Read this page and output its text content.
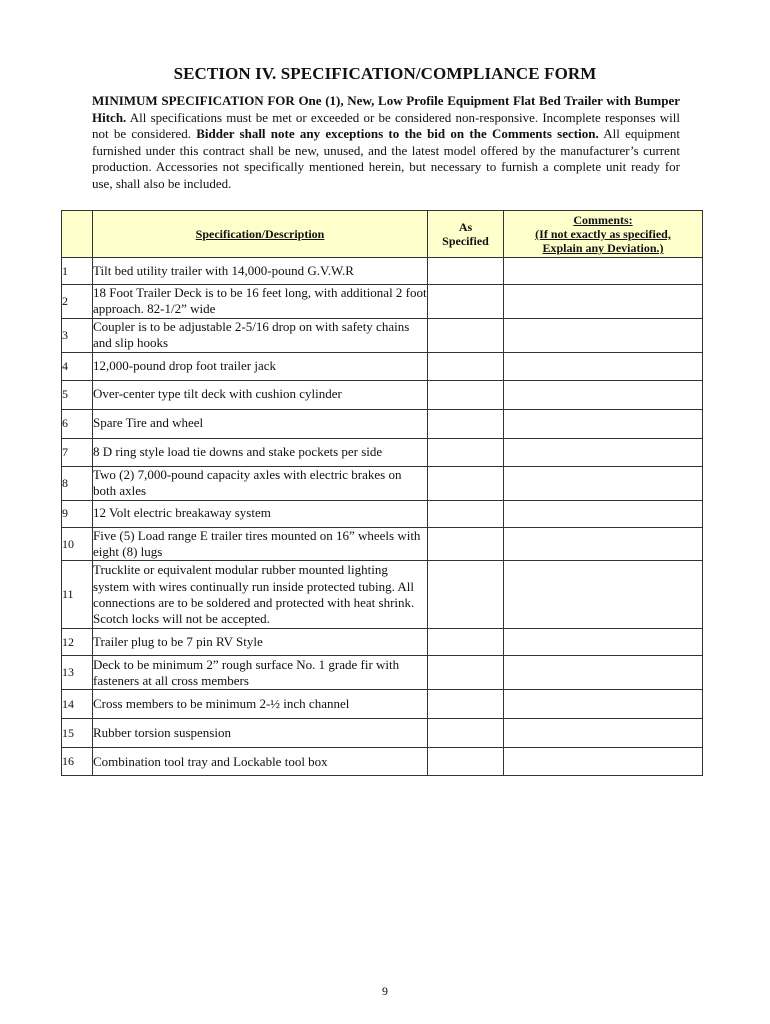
SECTION IV. SPECIFICATION/COMPLIANCE FORM
MINIMUM SPECIFICATION FOR One (1), New, Low Profile Equipment Flat Bed Trailer with Bumper Hitch. All specifications must be met or exceeded or be considered non-responsive. Incomplete responses will not be considered. Bidder shall note any exceptions to the bid on the Comments section. All equipment furnished under this contract shall be new, unused, and the latest model offered by the manufacturer’s current production. Accessories not specifically mentioned herein, but necessary to furnish a complete unit ready for use, shall also be included.
	Specification/Description	As Specified	Comments:
(If not exactly as specified,
Explain any Deviation.)

1	Tilt bed utility trailer with 14,000-pound G.V.W.R		
2	18 Foot Trailer Deck is to be 16 feet long, with additional 2 foot approach. 82-1/2” wide		
3	Coupler is to be adjustable 2-5/16 drop on with safety chains and slip hooks		
4	12,000-pound drop foot trailer jack		
5	Over-center type tilt deck with cushion cylinder		
6	Spare Tire and wheel		
7	8 D ring style load tie downs and stake pockets per side		
8	Two (2) 7,000-pound capacity axles with electric brakes on both axles		
9	12 Volt electric breakaway system		
10	Five (5) Load range E trailer tires mounted on 16” wheels with eight (8) lugs		
11	Trucklite or equivalent modular rubber mounted lighting system with wires continually run inside protected tubing. All connections are to be soldered and protected with heat shrink. Scotch locks will not be accepted.		
12	Trailer plug to be 7 pin RV Style		
13	Deck to be minimum 2” rough surface No. 1 grade fir with fasteners at all cross members		
14	Cross members to be minimum 2-½ inch channel		
15	Rubber torsion suspension		
16	Combination tool tray and Lockable tool box		
9
